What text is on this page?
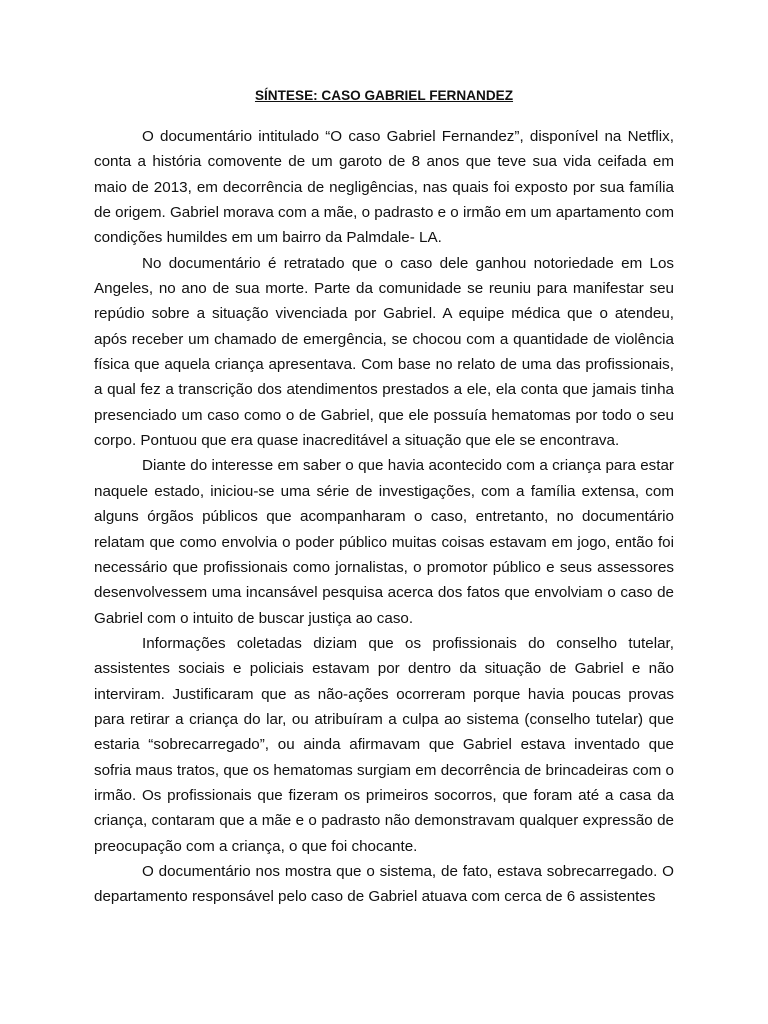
SÍNTESE: CASO GABRIEL FERNANDEZ

O documentário intitulado “O caso Gabriel Fernandez”, disponível na Netflix, conta a história comovente de um garoto de 8 anos que teve sua vida ceifada em maio de 2013, em decorrência de negligências, nas quais foi exposto por sua família de origem. Gabriel morava com a mãe, o padrasto e o irmão em um apartamento com condições humildes em um bairro da Palmdale- LA.

No documentário é retratado que o caso dele ganhou notoriedade em Los Angeles, no ano de sua morte. Parte da comunidade se reuniu para manifestar seu repúdio sobre a situação vivenciada por Gabriel. A equipe médica que o atendeu, após receber um chamado de emergência, se chocou com a quantidade de violência física que aquela criança apresentava. Com base no relato de uma das profissionais, a qual fez a transcrição dos atendimentos prestados a ele, ela conta que jamais tinha presenciado um caso como o de Gabriel, que ele possuía hematomas por todo o seu corpo. Pontuou que era quase inacreditável a situação que ele se encontrava.

Diante do interesse em saber o que havia acontecido com a criança para estar naquele estado, iniciou-se uma série de investigações, com a família extensa, com alguns órgãos públicos que acompanharam o caso, entretanto, no documentário relatam que como envolvia o poder público muitas coisas estavam em jogo, então foi necessário que profissionais como jornalistas, o promotor público e seus assessores desenvolvessem uma incansável pesquisa acerca dos fatos que envolviam o caso de Gabriel com o intuito de buscar justiça ao caso.

Informações coletadas diziam que os profissionais do conselho tutelar, assistentes sociais e policiais estavam por dentro da situação de Gabriel e não interviram. Justificaram que as não-ações ocorreram porque havia poucas provas para retirar a criança do lar, ou atribuíram a culpa ao sistema (conselho tutelar) que estaria “sobrecarregado”, ou ainda afirmavam que Gabriel estava inventado que sofria maus tratos, que os hematomas surgiam em decorrência de brincadeiras com o irmão. Os profissionais que fizeram os primeiros socorros, que foram até a casa da criança, contaram que a mãe e o padrasto não demonstravam qualquer expressão de preocupação com a criança, o que foi chocante.

O documentário nos mostra que o sistema, de fato, estava sobrecarregado. O departamento responsável pelo caso de Gabriel atuava com cerca de 6 assistentes
